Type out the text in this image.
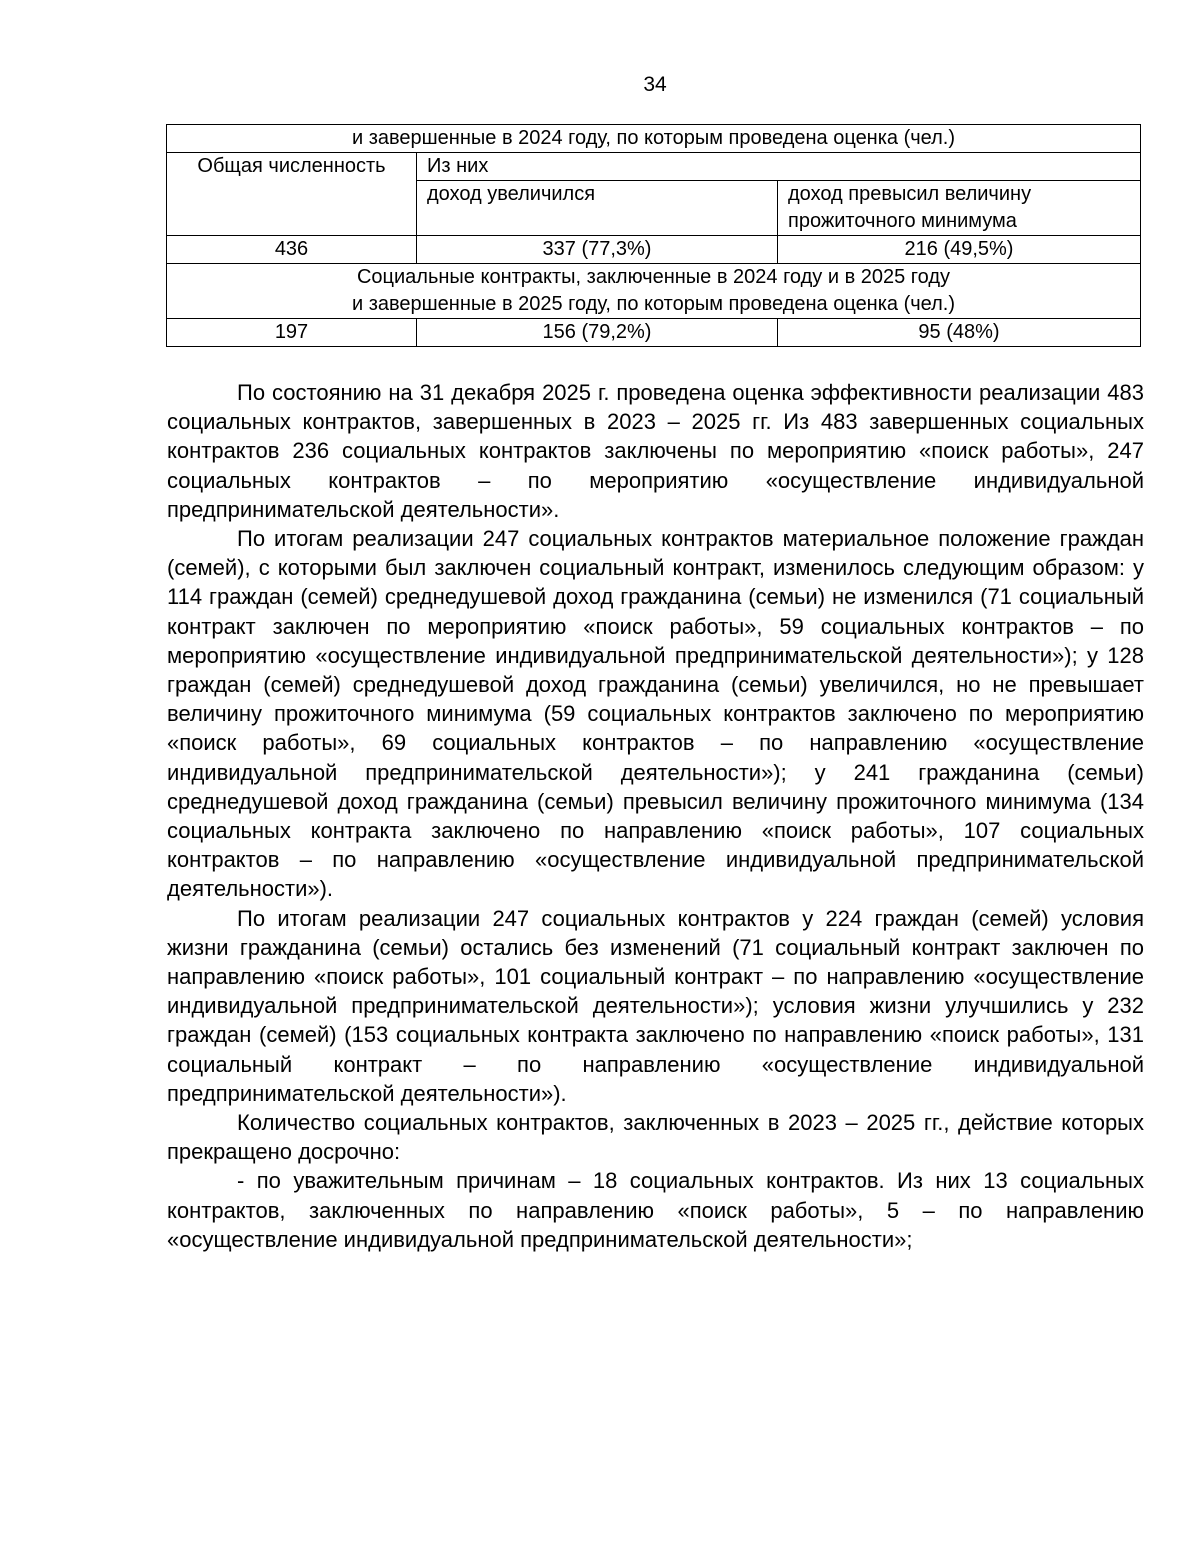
34
и завершенные в 2024 году, по которым проведена оценка (чел.)		
Общая численность	Из них	
	доход увеличился	доход превысил величину прожиточного минимума
436	337 (77,3%)	216 (49,5%)

Социальные контракты, заключенные в 2024 году и в 2025 году
и завершенные в 2025 году, по которым проведена оценка (чел.)		

197	156 (79,2%)	95 (48%)

По состоянию на 31 декабря 2025 г. проведена оценка эффективности реализации 483 социальных контрактов, завершенных в 2023 – 2025 гг. Из 483 завершенных социальных контрактов 236 социальных контрактов заключены по мероприятию «поиск работы», 247 социальных контрактов – по мероприятию «осуществление индивидуальной предпринимательской деятельности».

По итогам реализации 247 социальных контрактов материальное положение граждан (семей), с которыми был заключен социальный контракт, изменилось следующим образом: у 114 граждан (семей) среднедушевой доход гражданина (семьи) не изменился (71 социальный контракт заключен по мероприятию «поиск работы», 59 социальных контрактов – по мероприятию «осуществление индивидуальной предпринимательской деятельности»); у 128 граждан (семей) среднедушевой доход гражданина (семьи) увеличился, но не превышает величину прожиточного минимума (59 социальных контрактов заключено по мероприятию «поиск работы», 69 социальных контрактов – по направлению «осуществление индивидуальной предпринимательской деятельности»); у 241 гражданина (семьи) среднедушевой доход гражданина (семьи) превысил величину прожиточного минимума (134 социальных контракта заключено по направлению «поиск работы», 107 социальных контрактов – по направлению «осуществление индивидуальной предпринимательской деятельности»).

По итогам реализации 247 социальных контрактов у 224 граждан (семей) условия жизни гражданина (семьи) остались без изменений (71 социальный контракт заключен по направлению «поиск работы», 101 социальный контракт – по направлению «осуществление индивидуальной предпринимательской деятельности»); условия жизни улучшились у 232 граждан (семей) (153 социальных контракта заключено по направлению «поиск работы», 131 социальный контракт – по направлению «осуществление индивидуальной предпринимательской деятельности»).

Количество социальных контрактов, заключенных в 2023 – 2025 гг., действие которых прекращено досрочно:

- по уважительным причинам – 18 социальных контрактов. Из них 13 социальных контрактов, заключенных по направлению «поиск работы», 5 – по направлению «осуществление индивидуальной предпринимательской деятельности»;
